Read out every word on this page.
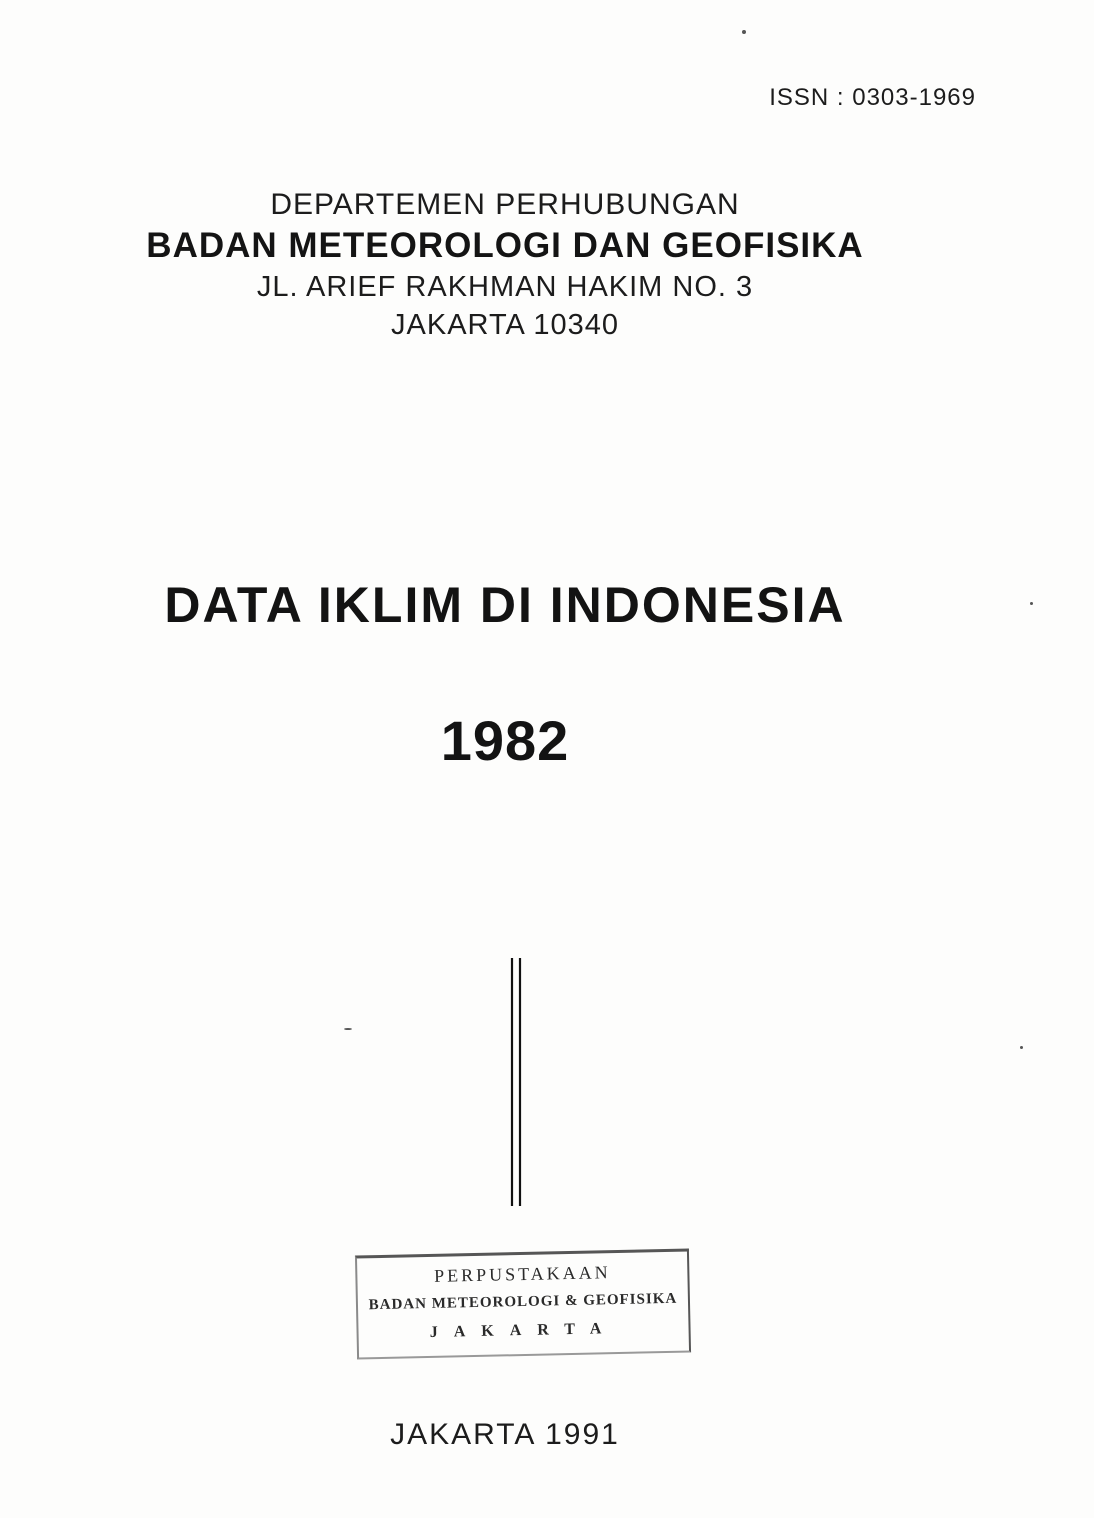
ISSN : 0303-1969
DEPARTEMEN PERHUBUNGAN
BADAN METEOROLOGI DAN GEOFISIKA
JL. ARIEF RAKHMAN HAKIM NO. 3
JAKARTA 10340
DATA IKLIM DI INDONESIA
1982
PERPUSTAKAAN
BADAN METEOROLOGI & GEOFISIKA
JAKARTA
JAKARTA 1991
